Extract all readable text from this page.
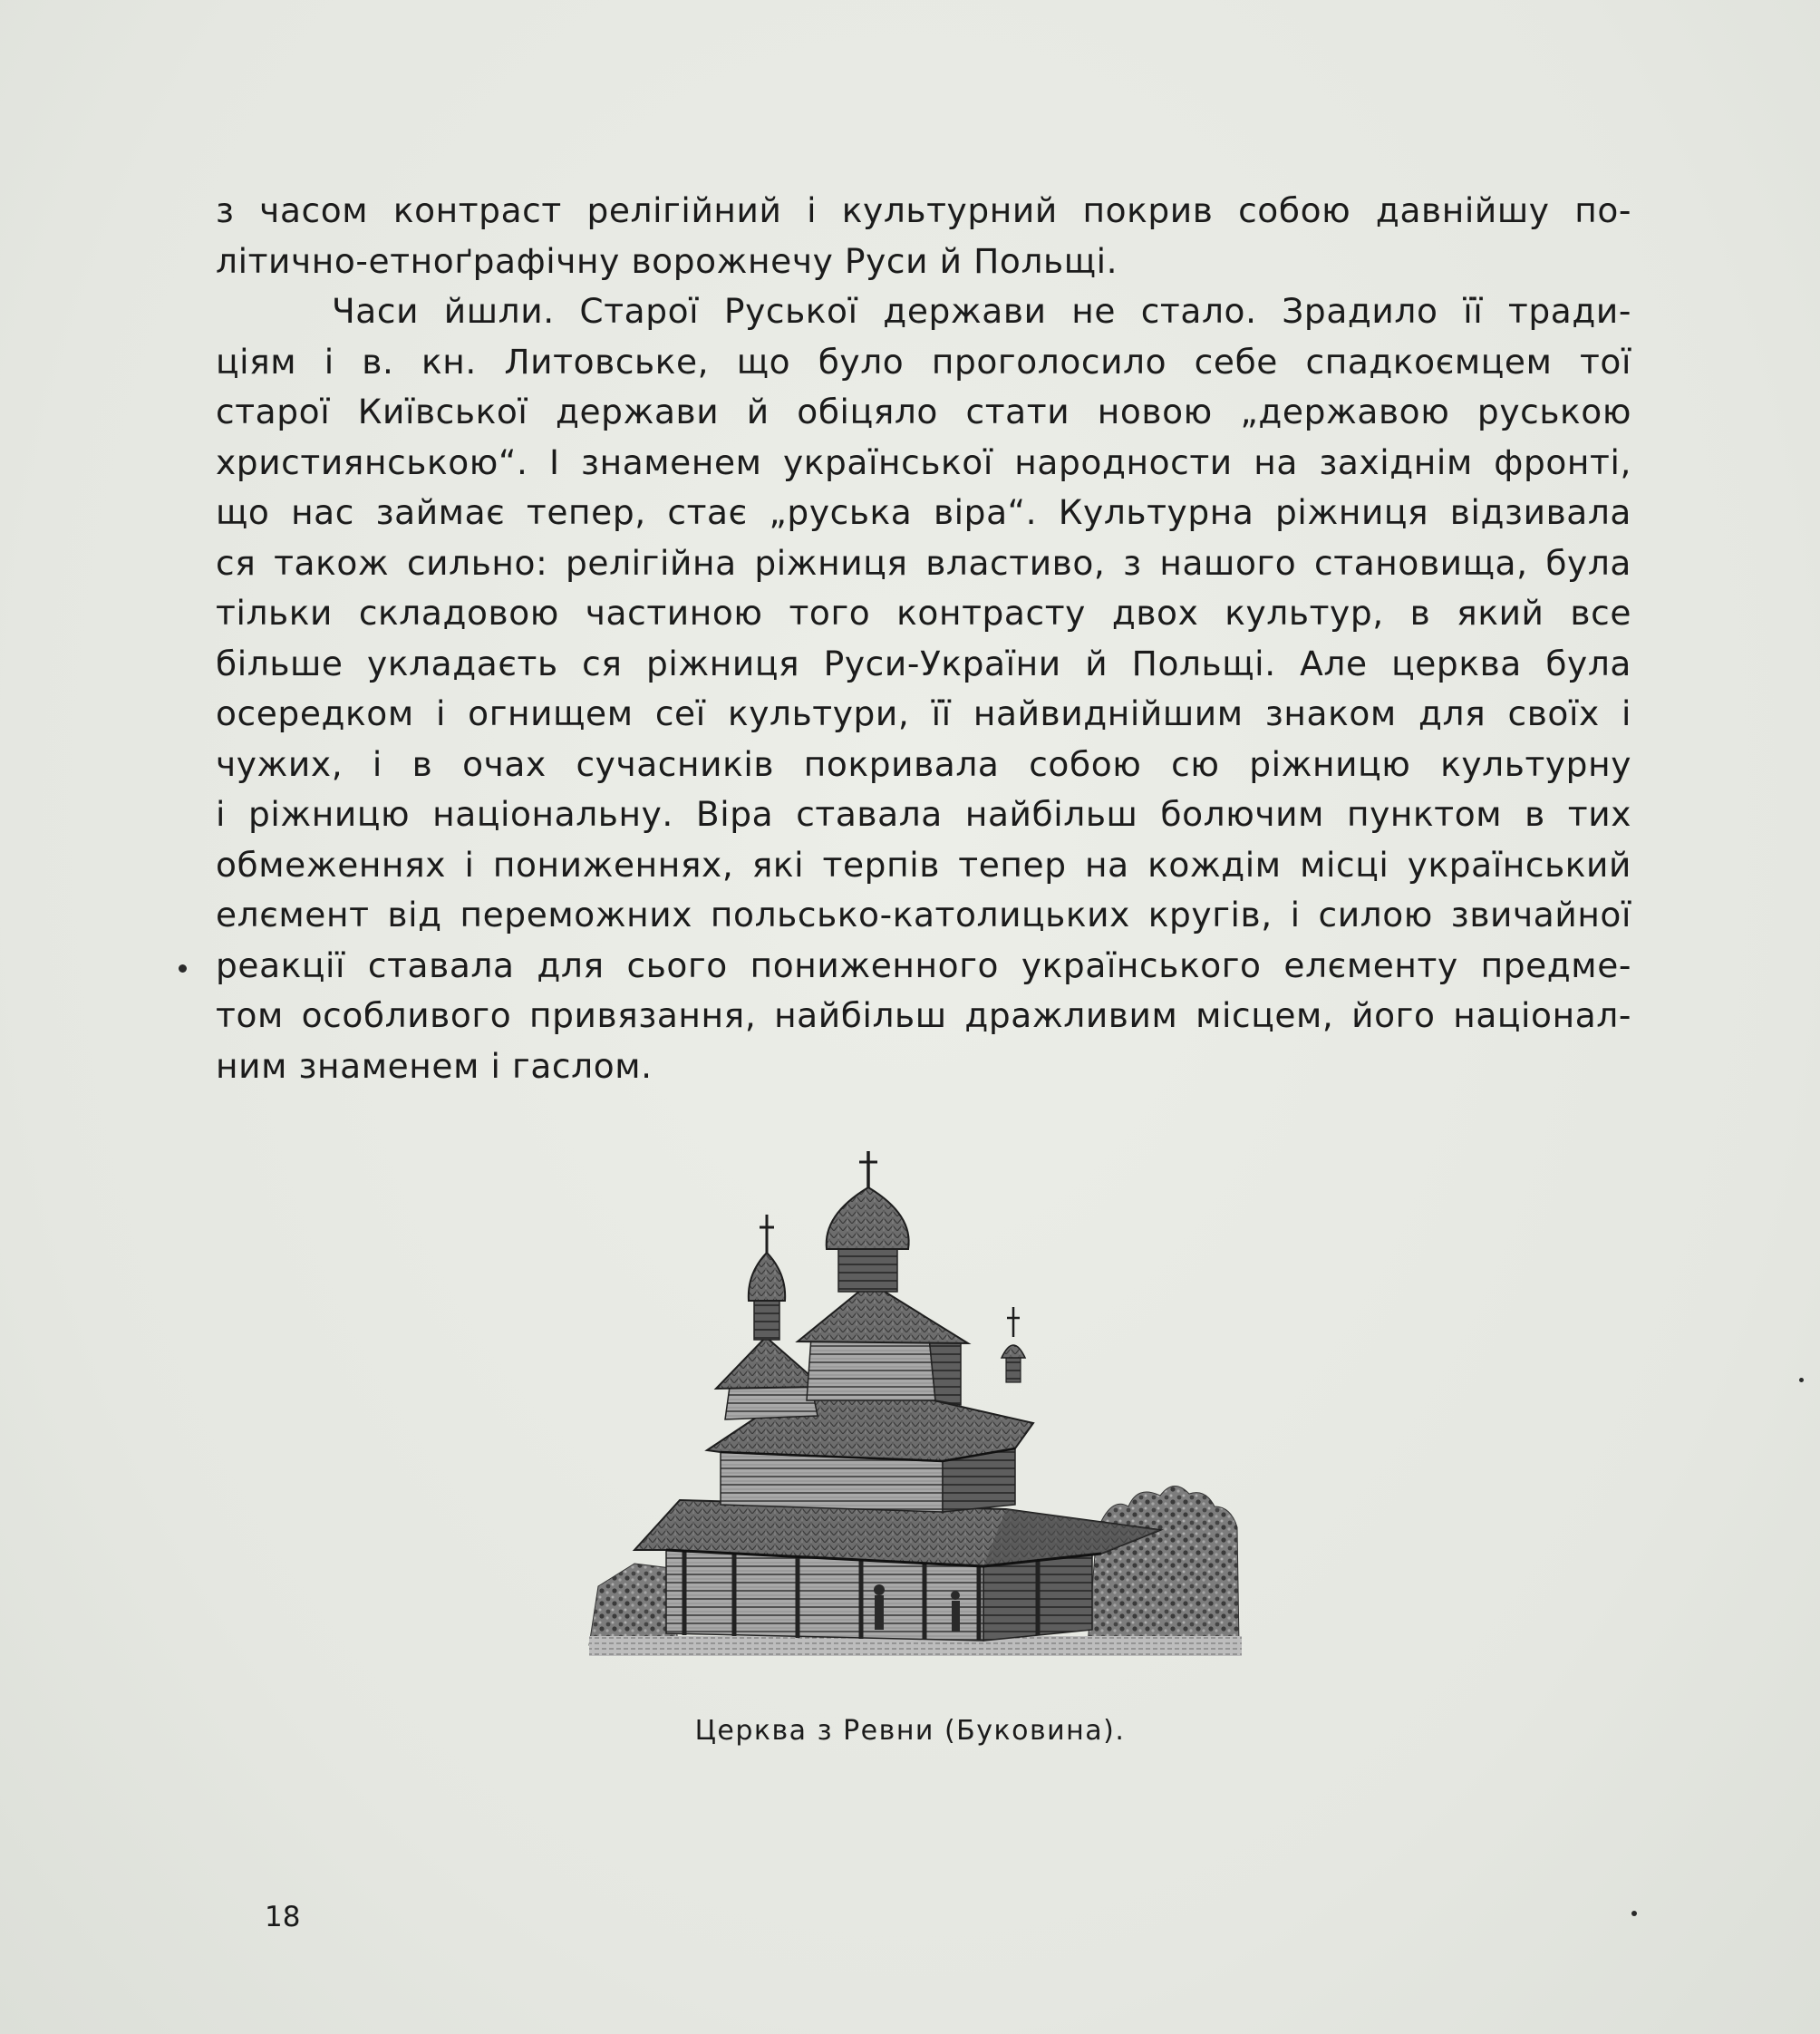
з часом контраст релігійний і культурний покрив собою давнійшу по-
літично-етноґрафічну ворожнечу Руси й Польщі.
Часи йшли. Старої Руської держави не стало. Зрадило її тради-
ціям і в. кн. Литовське, що було проголосило себе спадкоємцем тої
старої Київської держави й обіцяло стати новою „державою руською
християнською“. І знаменем української народности на західнім фронті,
що нас займає тепер, стає „руська віра“. Культурна ріжниця відзивала
ся також сильно: релігійна ріжниця властиво, з нашого становища, була
тільки складовою частиною того контрасту двох культур, в який все
більше укладаєть ся ріжниця Руси-України й Польщі. Але церква була
осередком і огнищем сеї культури, її найвиднійшим знаком для своїх і
чужих, і в очах сучасників покривала собою сю ріжницю культурну
і ріжницю національну. Віра ставала найбільш болючим пунктом в тих
обмеженнях і пониженнях, які терпів тепер на кождім місці український
елємент від переможних польсько-католицьких кругів, і силою звичайної
реакції ставала для сього пониженного українського елєменту предме-
том особливого привязання, найбільш дражливим місцем, його націонал-
ним знаменем і гаслом.
Церква з Ревни (Буковина).
18
